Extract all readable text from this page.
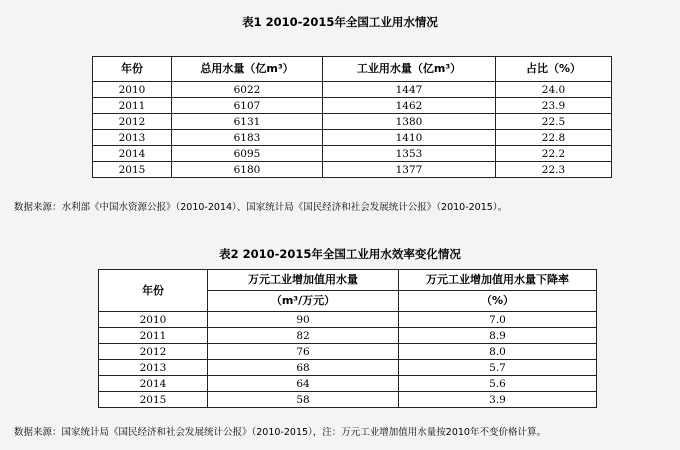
表1 2010-2015年全国工业用水情况
年份	总用水量（亿m³）	工业用水量（亿m³）	占比（%）
2010	6022	1447	24.0
2011	6107	1462	23.9
2012	6131	1380	22.5
2013	6183	1410	22.8
2014	6095	1353	22.2
2015	6180	1377	22.3
数据来源：水利部《中国水资源公报》（2010-2014）、国家统计局《国民经济和社会发展统计公报》（2010-2015）。
表2 2010-2015年全国工业用水效率变化情况
年份	万元工业增加值用水量	万元工业增加值用水量下降率
	（m³/万元）	（%）
2010	90	7.0
2011	82	8.9
2012	76	8.0
2013	68	5.7
2014	64	5.6
2015	58	3.9
数据来源：国家统计局《国民经济和社会发展统计公报》（2010-2015），注：万元工业增加值用水量按2010年不变价格计算。
